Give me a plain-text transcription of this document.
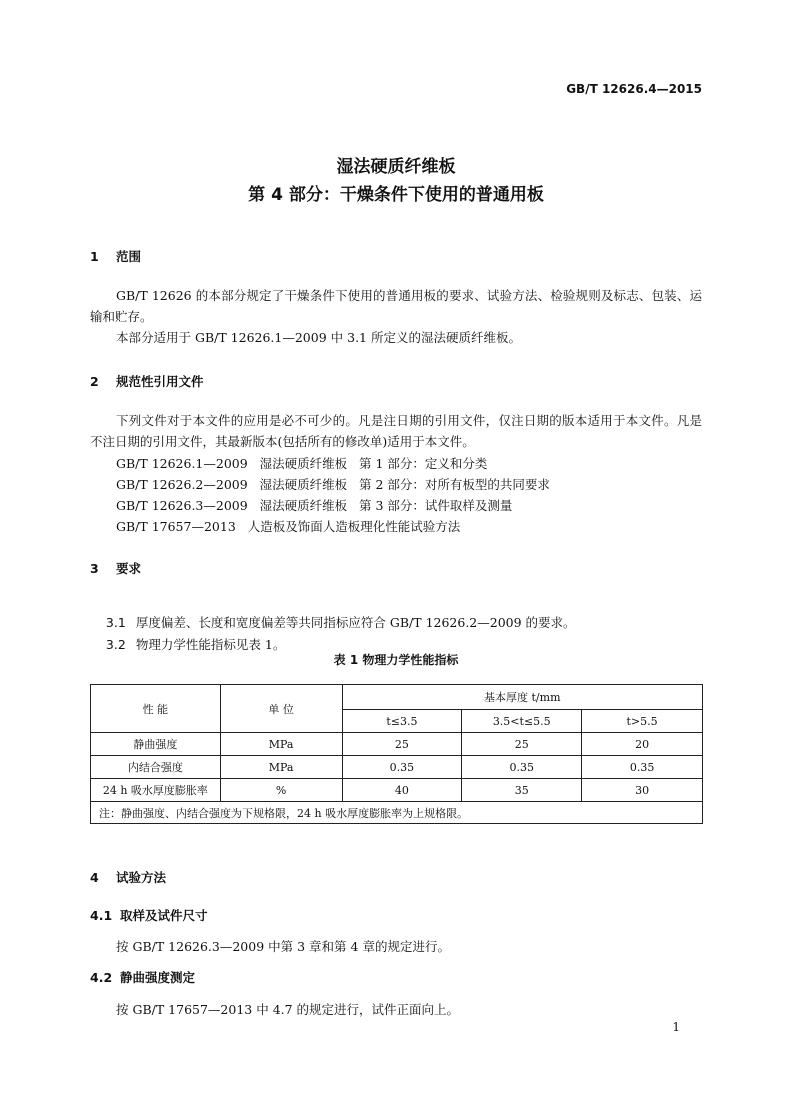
GB/T 12626.4—2015
湿法硬质纤维板
第 4 部分：干燥条件下使用的普通用板
1 范围
GB/T 12626 的本部分规定了干燥条件下使用的普通用板的要求、试验方法、检验规则及标志、包装、运输和贮存。
本部分适用于 GB/T 12626.1—2009 中 3.1 所定义的湿法硬质纤维板。
2 规范性引用文件
下列文件对于本文件的应用是必不可少的。凡是注日期的引用文件，仅注日期的版本适用于本文件。凡是不注日期的引用文件，其最新版本(包括所有的修改单)适用于本文件。
GB/T 12626.1—2009   湿法硬质纤维板   第 1 部分：定义和分类
GB/T 12626.2—2009   湿法硬质纤维板   第 2 部分：对所有板型的共同要求
GB/T 12626.3—2009   湿法硬质纤维板   第 3 部分：试件取样及测量
GB/T 17657—2013   人造板及饰面人造板理化性能试验方法
3 要求

3.1 厚度偏差、长度和宽度偏差等共同指标应符合 GB/T 12626.2—2009 的要求。

3.2 物理力学性能指标见表 1。

表 1 物理力学性能指标
性 能	单 位	基本厚度 t/mm		
		t≤3.5	3.5<t≤5.5	t>5.5
静曲强度	MPa	25	25	20
内结合强度	MPa	0.35	0.35	0.35
24 h 吸水厚度膨胀率	%	40	35	30
注：静曲强度、内结合强度为下规格限，24 h 吸水厚度膨胀率为上规格限。				
4 试验方法
4.1 取样及试件尺寸
按 GB/T 12626.3—2009 中第 3 章和第 4 章的规定进行。
4.2 静曲强度测定
按 GB/T 17657—2013 中 4.7 的规定进行，试件正面向上。
1
